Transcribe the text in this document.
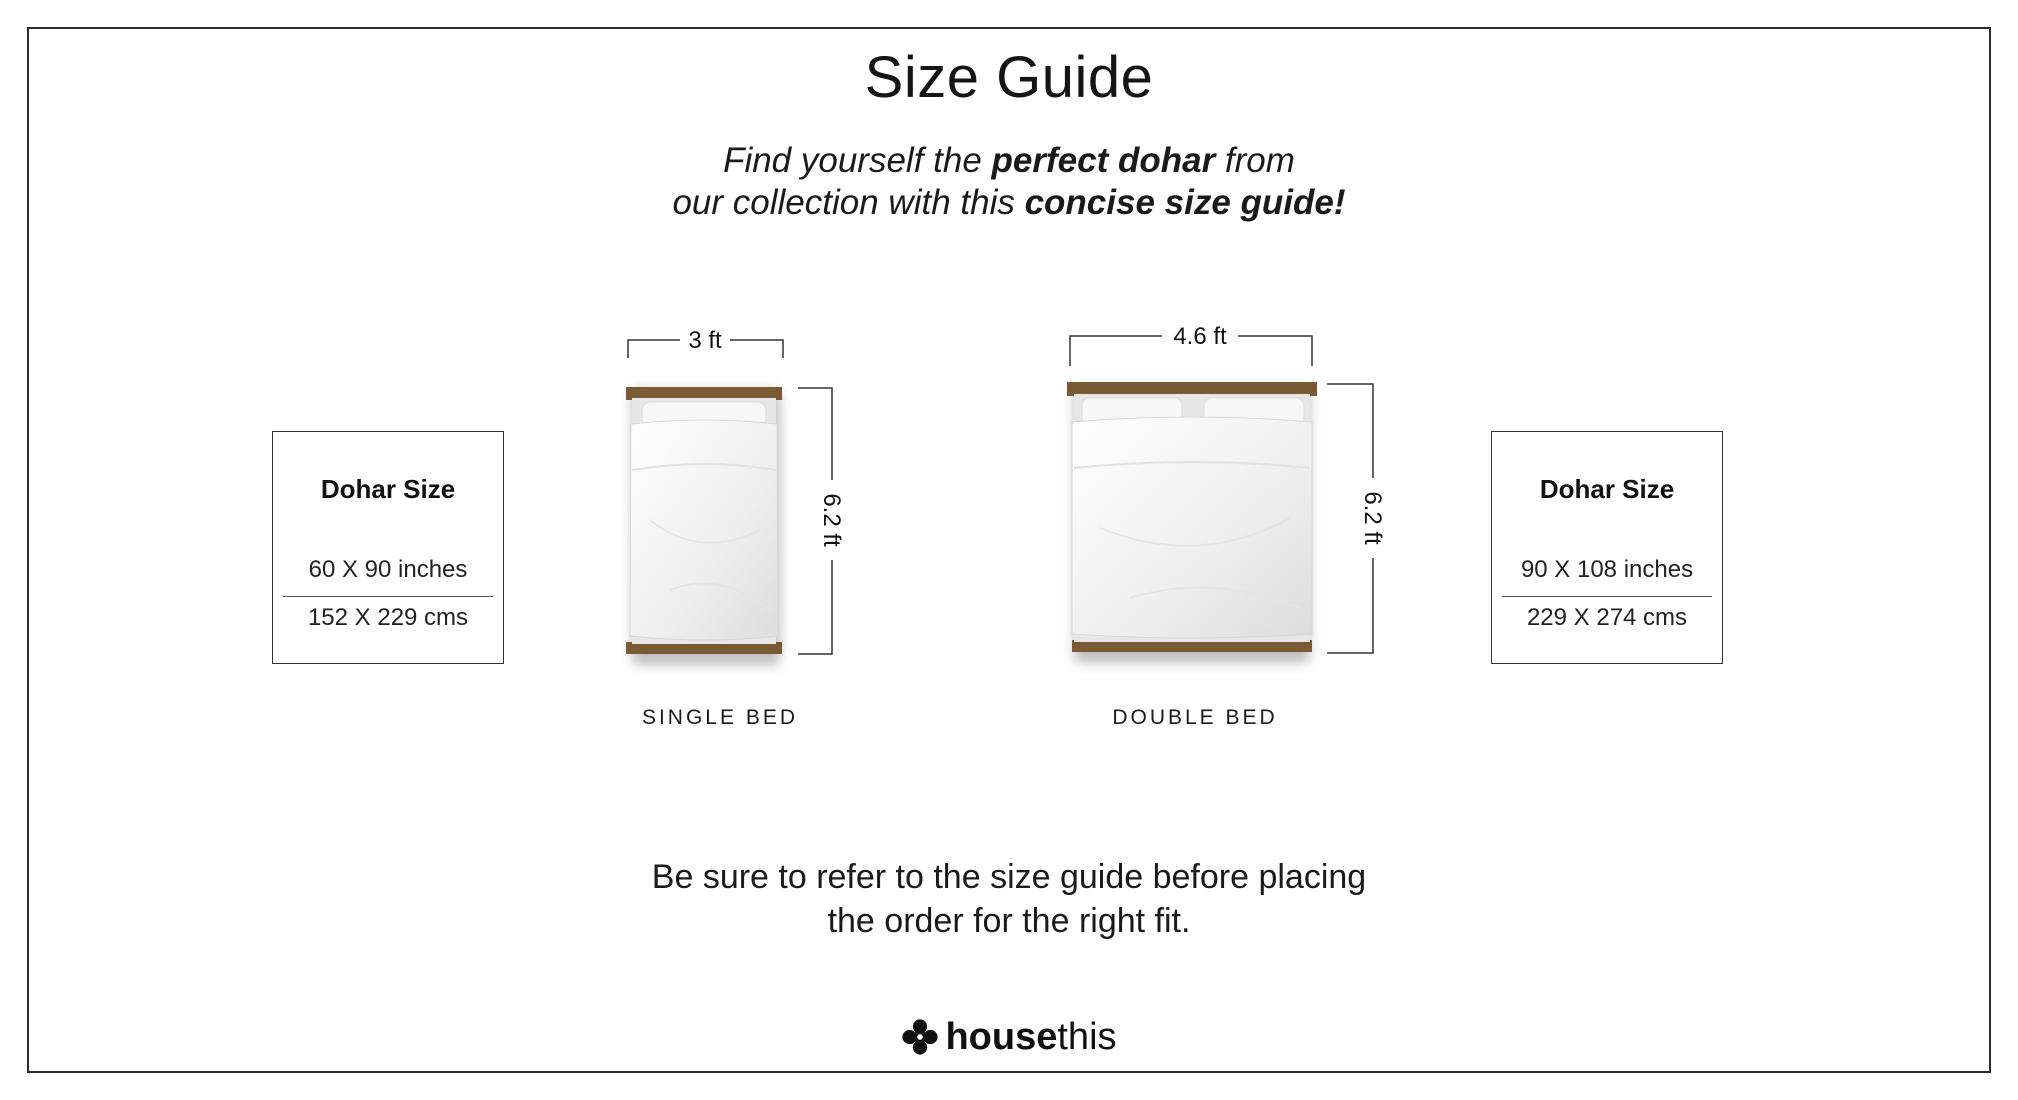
Size Guide
Find yourself the perfect dohar from
our collection with this concise size guide!
Dohar Size
60 X 90 inches
152 X 229 cms
Dohar Size
90 X 108 inches
229 X 274 cms
3 ft
6.2 ft
SINGLE BED
4.6 ft
6.2 ft
DOUBLE BED
Be sure to refer to the size guide before placing
the order for the right fit.
housethis
